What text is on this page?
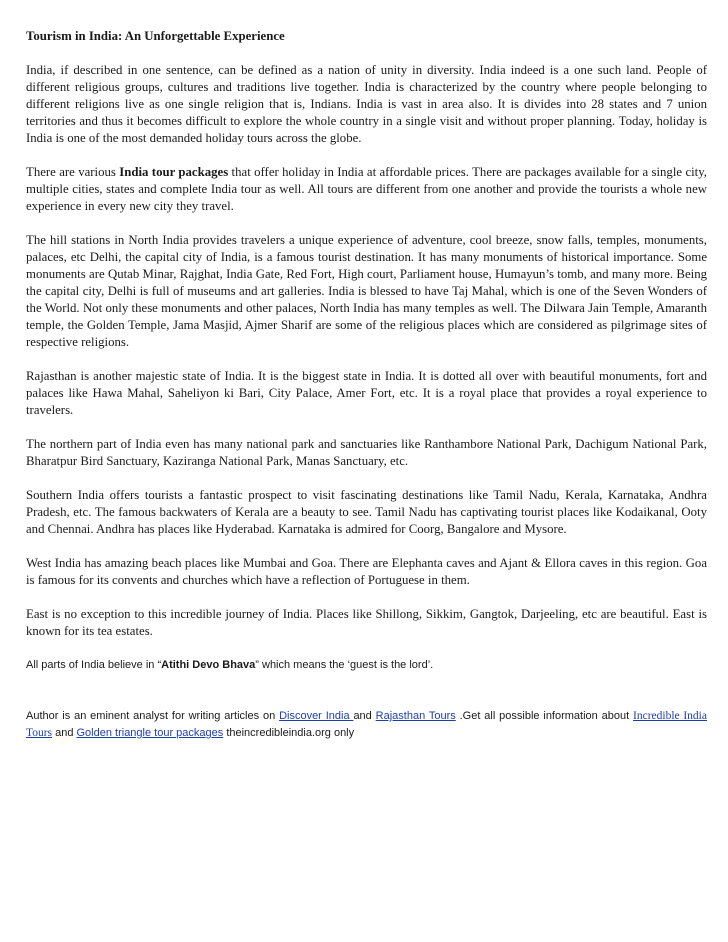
Tourism in India: An Unforgettable Experience

India, if described in one sentence, can be defined as a nation of unity in diversity. India indeed is a one such land. People of different religious groups, cultures and traditions live together. India is characterized by the country where people belonging to different religions live as one single religion that is, Indians. India is vast in area also. It is divides into 28 states and 7 union territories and thus it becomes difficult to explore the whole country in a single visit and without proper planning. Today, holiday is India is one of the most demanded holiday tours across the globe.

There are various India tour packages that offer holiday in India at affordable prices. There are packages available for a single city, multiple cities, states and complete India tour as well. All tours are different from one another and provide the tourists a whole new experience in every new city they travel.

The hill stations in North India provides travelers a unique experience of adventure, cool breeze, snow falls, temples, monuments, palaces, etc Delhi, the capital city of India, is a famous tourist destination. It has many monuments of historical importance. Some monuments are Qutab Minar, Rajghat, India Gate, Red Fort, High court, Parliament house, Humayun’s tomb, and many more. Being the capital city, Delhi is full of museums and art galleries. India is blessed to have Taj Mahal, which is one of the Seven Wonders of the World. Not only these monuments and other palaces, North India has many temples as well. The Dilwara Jain Temple, Amaranth temple, the Golden Temple, Jama Masjid, Ajmer Sharif are some of the religious places which are considered as pilgrimage sites of respective religions.

Rajasthan is another majestic state of India. It is the biggest state in India. It is dotted all over with beautiful monuments, fort and palaces like Hawa Mahal, Saheliyon ki Bari, City Palace, Amer Fort, etc. It is a royal place that provides a royal experience to travelers.

The northern part of India even has many national park and sanctuaries like Ranthambore National Park, Dachigum National Park, Bharatpur Bird Sanctuary, Kaziranga National Park, Manas Sanctuary, etc.

Southern India offers tourists a fantastic prospect to visit fascinating destinations like Tamil Nadu, Kerala, Karnataka, Andhra Pradesh, etc. The famous backwaters of Kerala are a beauty to see. Tamil Nadu has captivating tourist places like Kodaikanal, Ooty and Chennai. Andhra has places like Hyderabad. Karnataka is admired for Coorg, Bangalore and Mysore.

West India has amazing beach places like Mumbai and Goa. There are Elephanta caves and Ajant & Ellora caves in this region. Goa is famous for its convents and churches which have a reflection of Portuguese in them.

East is no exception to this incredible journey of India. Places like Shillong, Sikkim, Gangtok, Darjeeling, etc are beautiful. East is known for its tea estates.

All parts of India believe in “Atithi Devo Bhava” which means the ‘guest is the lord’.

Author is an eminent analyst for writing articles on Discover India and Rajasthan Tours .Get all possible information about Incredible India Tours and Golden triangle tour packages theincredibleindia.org only
